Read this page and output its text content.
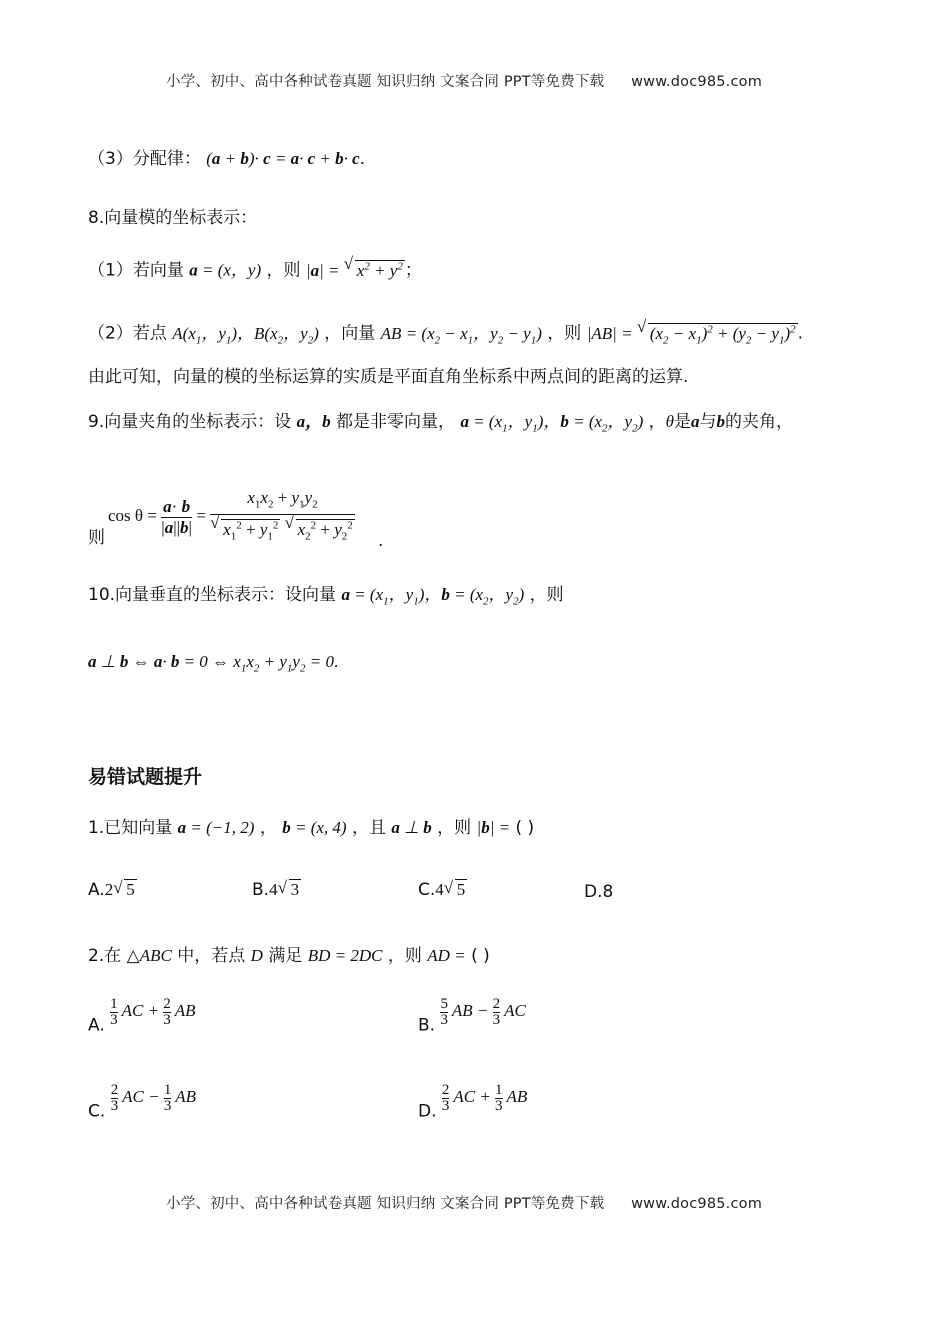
小学、初中、高中各种试卷真题 知识归纳 文案合同 PPT等免费下载 www.doc985.com
（3）分配律： (a + b)· c = a· c + b· c.
8.向量模的坐标表示：
（1）若向量 a = (x，y) ，则 |a| = √ $x^2 + y^2$ ；
（2）若点 $A(x_1$，$y_1$)，$B(x_2$，$y_2$) ，向量 AB = ($x_2 - x_1$，$y_2 - y_1$) ，则 |AB| = √ $(x_2 - x_1)^2 + (y_2 - y_1)^2$ .
由此可知，向量的模的坐标运算的实质是平面直角坐标系中两点间的距离的运算.
9.向量夹角的坐标表示：设 a，b 都是非零向量， $a = (x_1$，$y_1$)，$b = (x_2$，$y_2$) ，θ是a与b的夹角，
$\cos \theta = \frac{a\cdot b}{|a||b|} = x_1x_2 + y_1y_2$
√ $x_1^2 + y_1^2$ √ $x_2^2 + y_2^2$
则	.
10.向量垂直的坐标表示：设向量 $a = (x_1$，$y_1$)，$b = (x_2$，$y_2$) ，则
a ⊥ b ⇔ a· b = 0 ⇔ $x_1x_2 + y_1y_2 = 0$.
易错试题提升
1.已知向量 a = (−1, 2) ， b = (x, 4) ，且 a ⊥ b ，则 |b| = ( )
A.2 √ 5	B.4 √ 3	C.4 √ 5	D.8
2.在 △ABC 中，若点 D 满足 BD = 2DC ，则 AD = ( )
A. $\frac{1}{3}$ AC + $\frac{2}{3}$ AB
B. $\frac{5}{3}$ AB − $\frac{2}{3}$ AC
C. $\frac{2}{3}$ AC − $\frac{1}{3}$ AB
D. $\frac{2}{3}$ AC + $\frac{1}{3}$ AB
小学、初中、高中各种试卷真题 知识归纳 文案合同 PPT等免费下载 www.doc985.com
